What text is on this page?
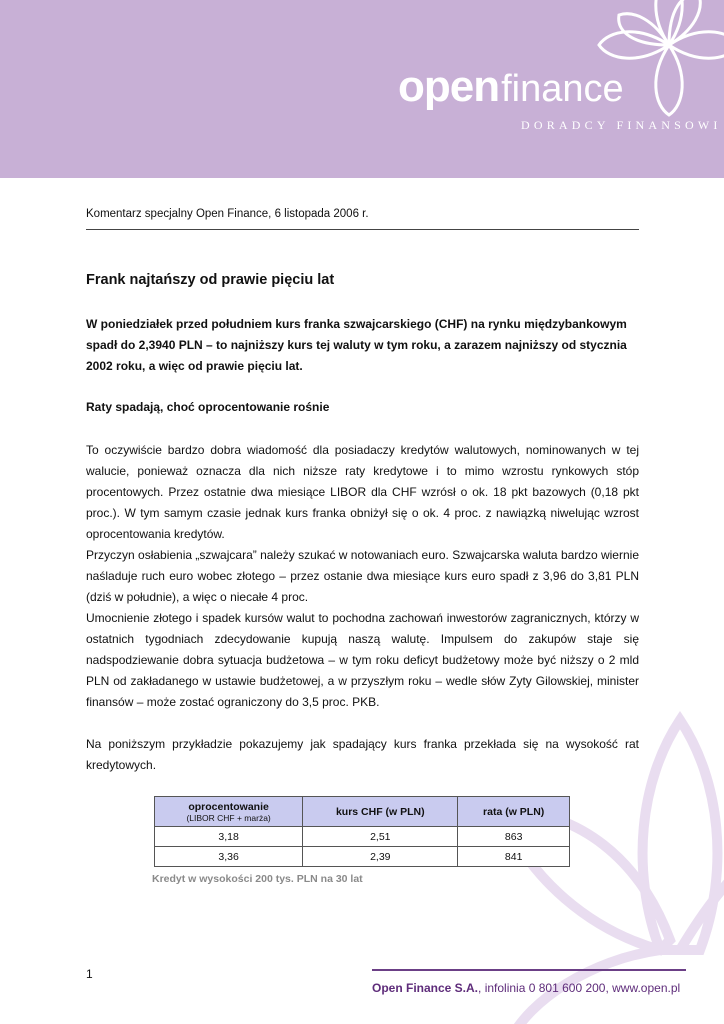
openfinance
DORADCY FINANSOWI
Komentarz specjalny Open Finance, 6 listopada 2006 r.
Frank najtańszy od prawie pięciu lat
W poniedziałek przed południem kurs franka szwajcarskiego (CHF) na rynku międzybankowym spadł do 2,3940 PLN – to najniższy kurs tej waluty w tym roku, a zarazem najniższy od stycznia 2002 roku, a więc od prawie pięciu lat.
Raty spadają, choć oprocentowanie rośnie

To oczywiście bardzo dobra wiadomość dla posiadaczy kredytów walutowych, nominowanych w tej walucie, ponieważ oznacza dla nich niższe raty kredytowe i to mimo wzrostu rynkowych stóp procentowych. Przez ostatnie dwa miesiące LIBOR dla CHF wzrósł o ok. 18 pkt bazowych (0,18 pkt proc.). W tym samym czasie jednak kurs franka obniżył się o ok. 4 proc. z nawiązką niwelując wzrost oprocentowania kredytów.

Przyczyn osłabienia „szwajcara” należy szukać w notowaniach euro. Szwajcarska waluta bardzo wiernie naśladuje ruch euro wobec złotego – przez ostanie dwa miesiące kurs euro spadł z 3,96 do 3,81 PLN (dziś w południe), a więc o niecałe 4 proc.

Umocnienie złotego i spadek kursów walut to pochodna zachowań inwestorów zagranicznych, którzy w ostatnich tygodniach zdecydowanie kupują naszą walutę. Impulsem do zakupów staje się nadspodziewanie dobra sytuacja budżetowa – w tym roku deficyt budżetowy może być niższy o 2 mld PLN od zakładanego w ustawie budżetowej, a w przyszłym roku – wedle słów Zyty Gilowskiej, minister finansów – może zostać ograniczony do 3,5 proc. PKB.

Na poniższym przykładzie pokazujemy jak spadający kurs franka przekłada się na wysokość rat kredytowych.
oprocentowanie
(LIBOR CHF + marża)	kurs CHF (w PLN)	rata (w PLN)
3,18	2,51	863
3,36	2,39	841
Kredyt w wysokości 200 tys. PLN na 30 lat
1
Open Finance S.A., infolinia 0 801 600 200, www.open.pl
